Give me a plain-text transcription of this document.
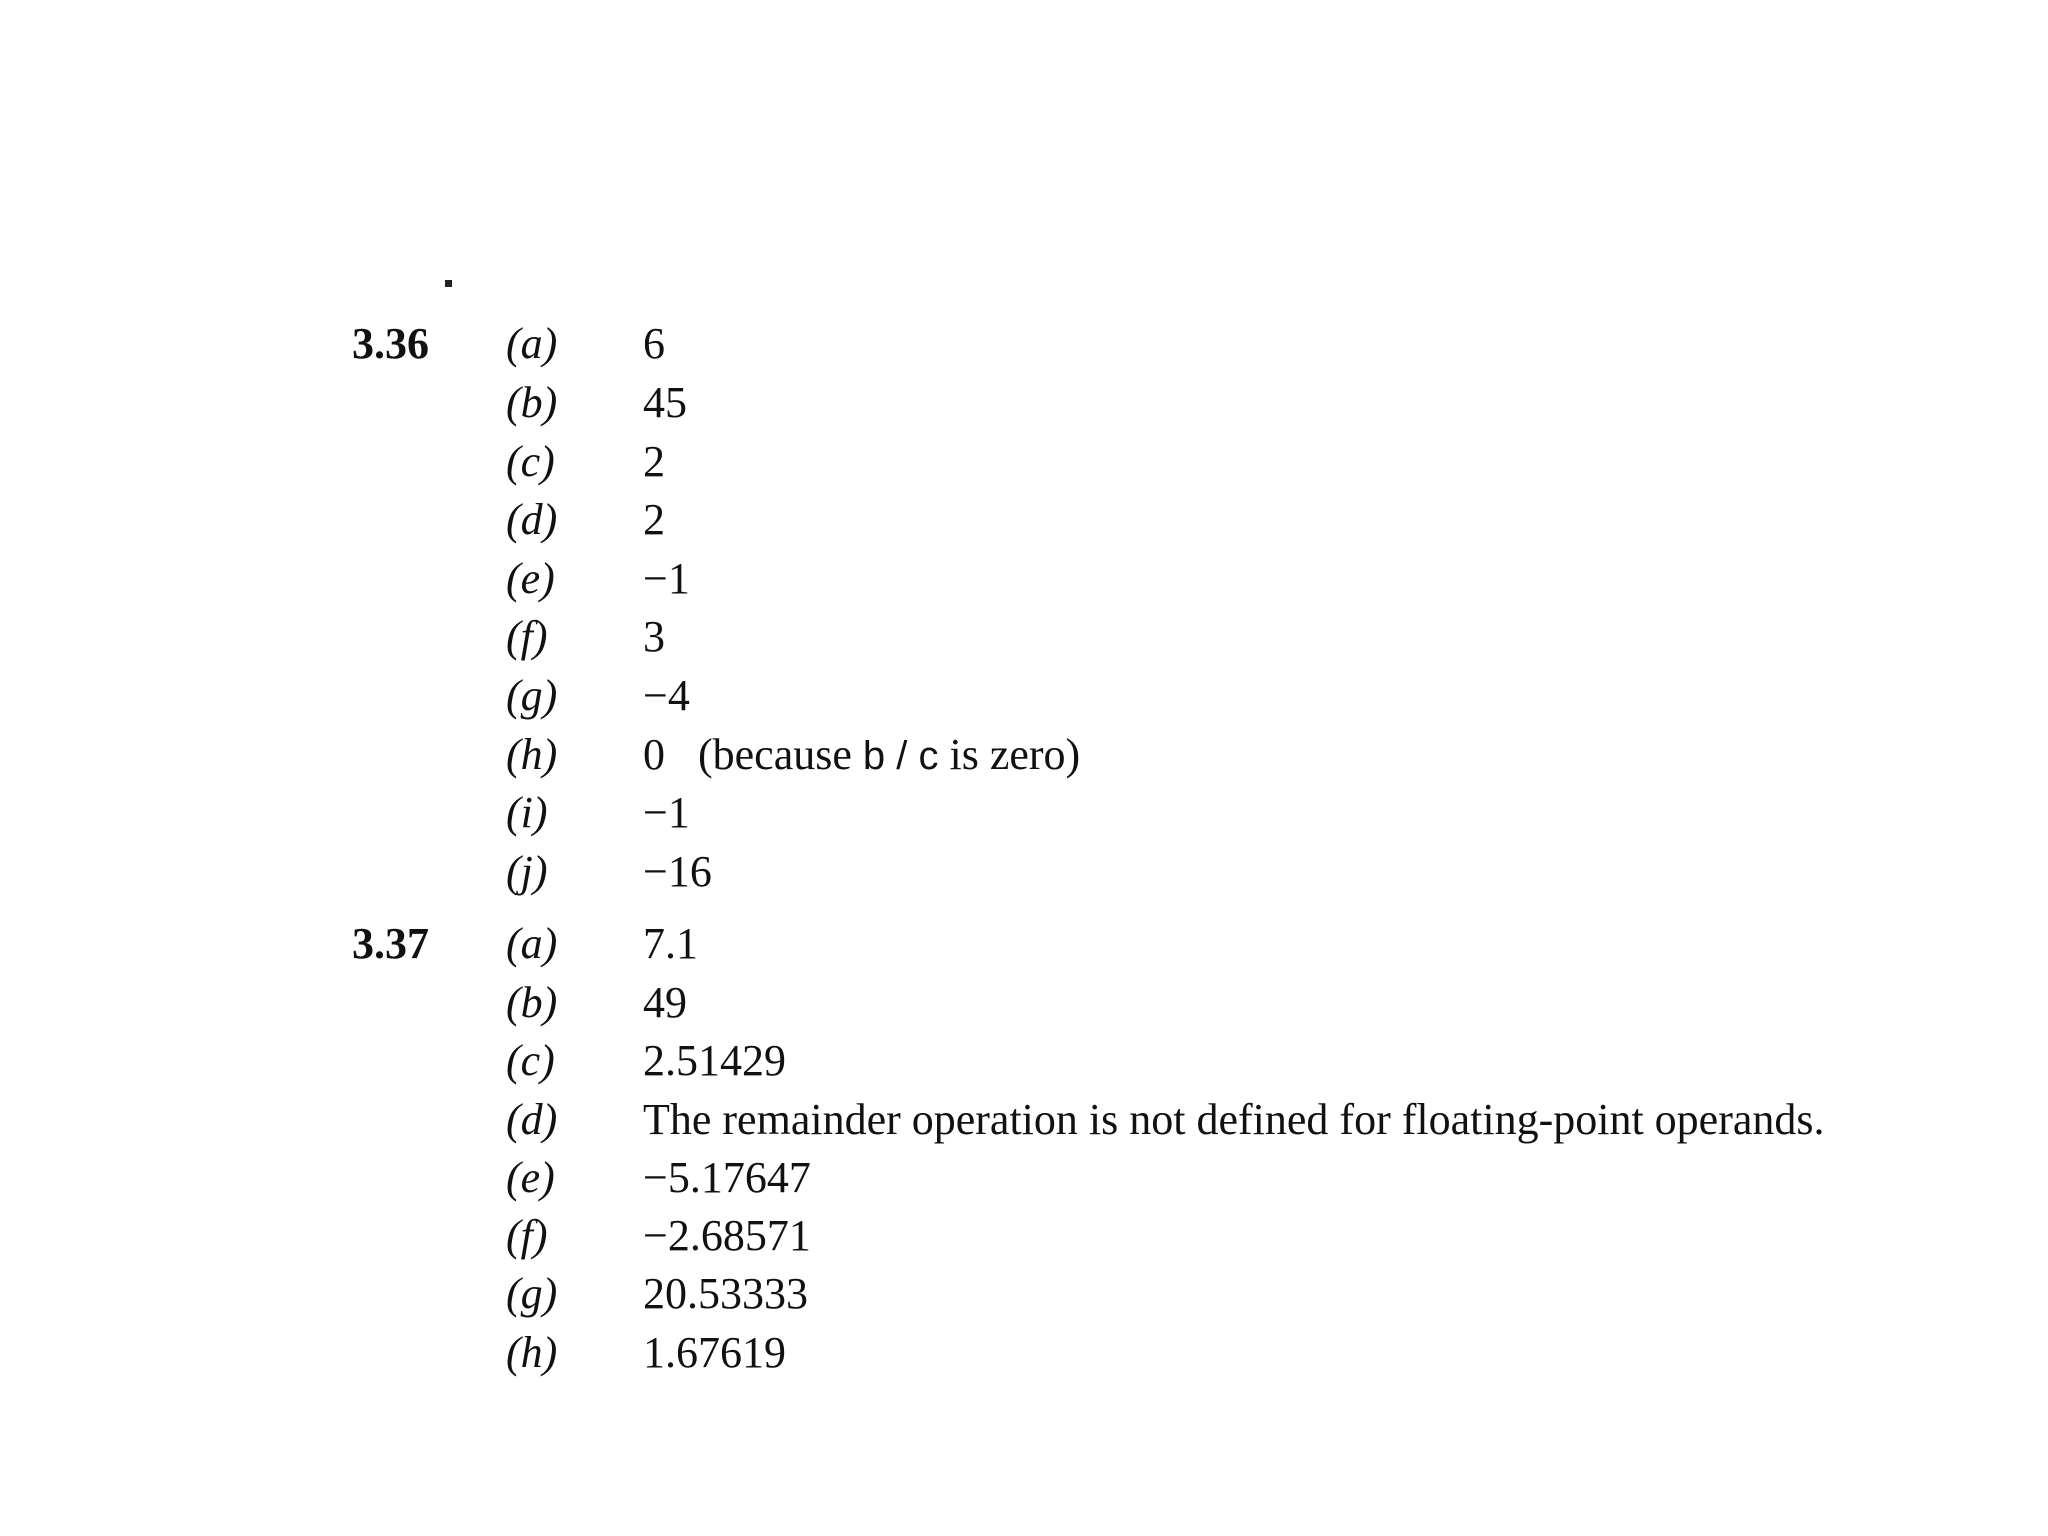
3.36 (a) 6
(b) 45
(c) 2
(d) 2
(e) −1
(f) 3
(g) −4
(h) 0 (because b / c is zero)
(i) −1
(j) −16
3.37 (a) 7.1
(b) 49
(c) 2.51429
(d) The remainder operation is not defined for floating-point operands.
(e) −5.17647
(f) −2.68571
(g) 20.53333
(h) 1.67619
